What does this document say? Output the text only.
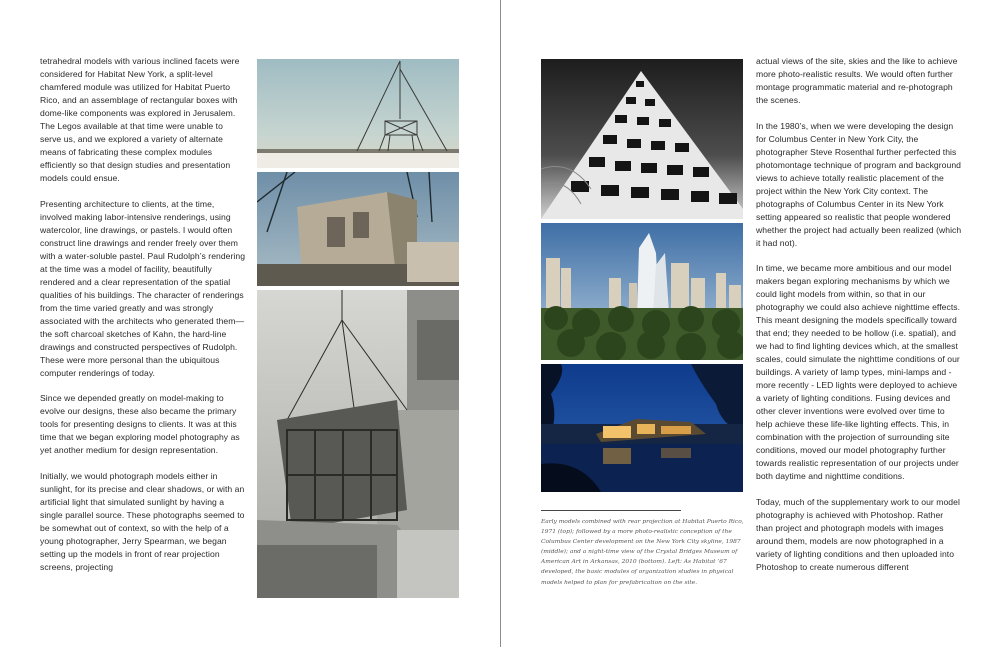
tetrahedral models with various inclined facets were considered for Habitat New York, a split-level chamfered module was utilized for Habitat Puerto Rico, and an assemblage of rectangular boxes with dome-like components was explored in Jerusalem. The Legos available at that time were unable to serve us, and we explored a variety of alternate means of fabricating these complex modules efficiently so that design studies and presentation models could ensue.

Presenting architecture to clients, at the time, involved making labor-intensive renderings, using watercolor, line drawings, or pastels. I would often construct line drawings and render freely over them with a water-soluble pastel. Paul Rudolph’s rendering at the time was a model of facility, beautifully rendered and a clear representation of the spatial qualities of his buildings. The character of renderings from the time varied greatly and was strongly associated with the architects who generated them—the soft charcoal sketches of Kahn, the hard-line drawings and constructed perspectives of Rudolph. These were more personal than the ubiquitous computer renderings of today.

Since we depended greatly on model-making to evolve our designs, these also became the primary tools for presenting designs to clients. It was at this time that we began exploring model photography as yet another medium for design representation.

Initially, we would photograph models either in sunlight, for its precise and clear shadows, or with an artificial light that simulated sunlight by having a single parallel source. These photographs seemed to be somewhat out of context, so with the help of a young photographer, Jerry Spearman, we began setting up the models in front of rear projection screens, projecting

Early models combined with rear projection at Habitat Puerto Rico, 1971 (top); followed by a more photo-realistic conception of the Columbus Center development on the New York City skyline, 1987 (middle); and a night-time view of the Crystal Bridges Museum of American Art in Arkansas, 2010 (bottom). Left: As Habitat ’67 developed, the basic modules of organization studies in physical models helped to plan for prefabrication on the site.

actual views of the site, skies and the like to achieve more photo-realistic results. We would often further montage programmatic material and re-photograph the scenes.

In the 1980’s, when we were developing the design for Columbus Center in New York City, the photographer Steve Rosenthal further perfected this photomontage technique of program and background views to achieve totally realistic placement of the project within the New York City context. The photographs of Columbus Center in its New York setting appeared so realistic that people wondered whether the project had actually been realized (which it had not).

In time, we became more ambitious and our model makers began exploring mechanisms by which we could light models from within, so that in our photography we could also achieve nighttime effects. This meant designing the models specifically toward that end; they needed to be hollow (i.e. spatial), and we had to find lighting devices which, at the smallest scales, could simulate the nighttime conditions of our buildings. A variety of lamp types, mini-lamps and - more recently - LED lights were deployed to achieve a variety of lighting conditions. Fusing devices and other clever inventions were evolved over time to help achieve these life-like lighting effects. This, in combination with the projection of surrounding site conditions, moved our model photography further towards realistic representation of our projects under both daytime and nighttime conditions.

Today, much of the supplementary work to our model photography is achieved with Photoshop. Rather than project and photograph models with images around them, models are now photographed in a variety of lighting conditions and then uploaded into Photoshop to create numerous different
